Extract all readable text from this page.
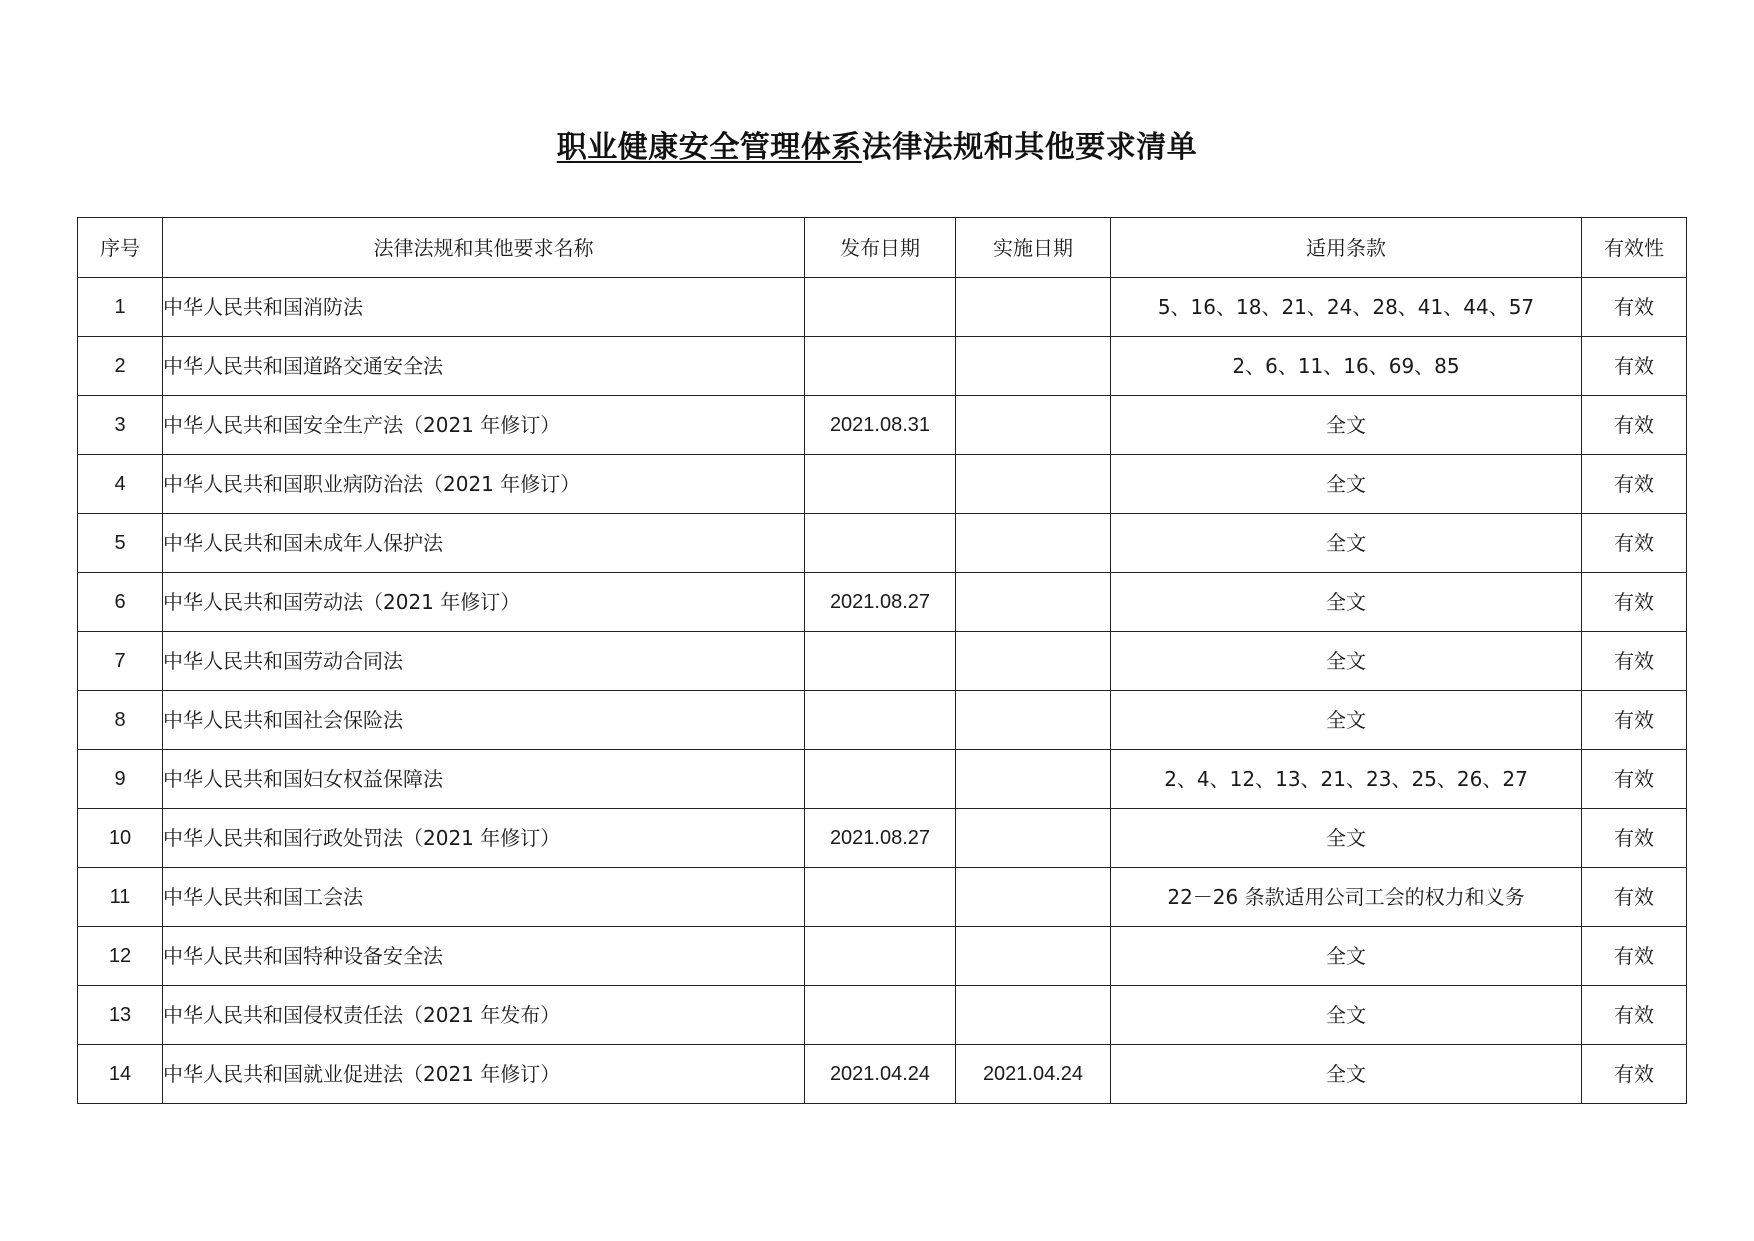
职业健康安全管理体系法律法规和其他要求清单
序号	法律法规和其他要求名称	发布日期	实施日期	适用条款	有效性
1	中华人民共和国消防法			5、16、18、21、24、28、41、44、57	有效
2	中华人民共和国道路交通安全法			2、6、11、16、69、85	有效
3	中华人民共和国安全生产法（2021 年修订）	2021.08.31		全文	有效
4	中华人民共和国职业病防治法（2021 年修订）			全文	有效
5	中华人民共和国未成年人保护法			全文	有效
6	中华人民共和国劳动法（2021 年修订）	2021.08.27		全文	有效
7	中华人民共和国劳动合同法			全文	有效
8	中华人民共和国社会保险法			全文	有效
9	中华人民共和国妇女权益保障法			2、4、12、13、21、23、25、26、27	有效
10	中华人民共和国行政处罚法（2021 年修订）	2021.08.27		全文	有效
11	中华人民共和国工会法			22－26 条款适用公司工会的权力和义务	有效
12	中华人民共和国特种设备安全法			全文	有效
13	中华人民共和国侵权责任法（2021 年发布）			全文	有效
14	中华人民共和国就业促进法（2021 年修订）	2021.04.24	2021.04.24	全文	有效
